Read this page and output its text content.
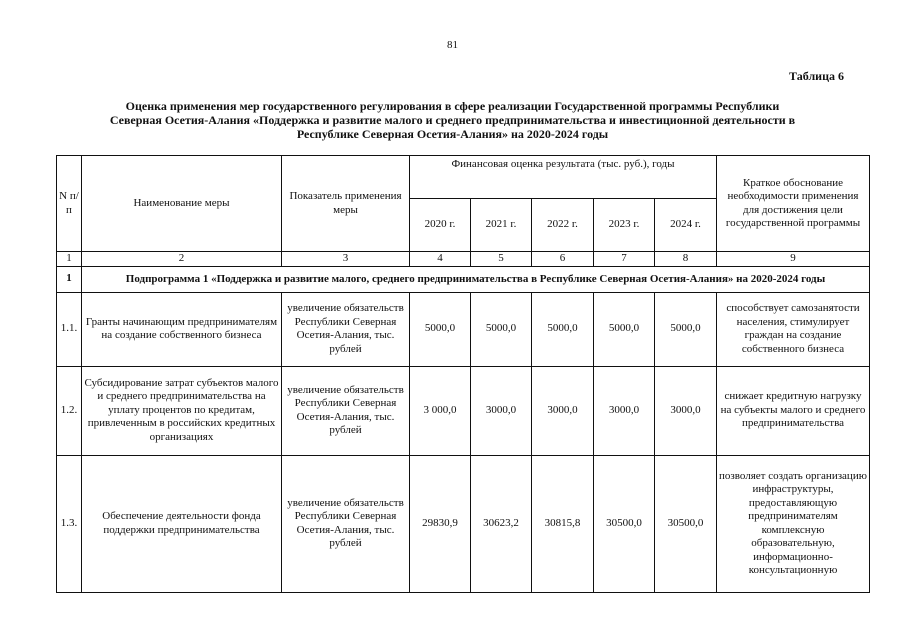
81
Таблица 6
Оценка применения мер государственного регулирования в сфере реализации Государственной программы Республики
Северная Осетия-Алания «Поддержка и развитие малого и среднего предпринимательства и инвестиционной деятельности в
Республике Северная Осетия-Алания» на 2020-2024 годы
N п/ п	Наименование меры	Показатель применения меры	Финансовая оценка результата (тыс. руб.), годы					Краткое обоснование необходимости применения для достижения цели государственной программы
			2020 г.	2021 г.	2022 г.	2023 г.	2024 г.	
1	2	3	4	5	6	7	8	9
1	Подпрограмма 1 «Поддержка и развитие малого, среднего предпринимательства в Республике Северная Осетия-Алания» на 2020-2024 годы							
1.1.	Гранты начинающим предпринимателям на создание собственного бизнеса	увеличение обязательств Республики Северная Осетия-Алания, тыс. рублей	5000,0	5000,0	5000,0	5000,0	5000,0	способствует самозанятости населения, стимулирует граждан на создание собственного бизнеса
1.2.	Субсидирование затрат субъектов малого и среднего предпринимательства на уплату процентов по кредитам, привлеченным в российских кредитных организациях	увеличение обязательств Республики Северная Осетия-Алания, тыс. рублей	3 000,0	3000,0	3000,0	3000,0	3000,0	снижает кредитную нагрузку на субъекты малого и среднего предпринимательства
1.3.	Обеспечение деятельности фонда поддержки предпринимательства	увеличение обязательств Республики Северная Осетия-Алания, тыс. рублей	29830,9	30623,2	30815,8	30500,0	30500,0	позволяет создать организацию инфраструктуры, предоставляющую предпринимателям комплексную образовательную, информационно-консультационную
